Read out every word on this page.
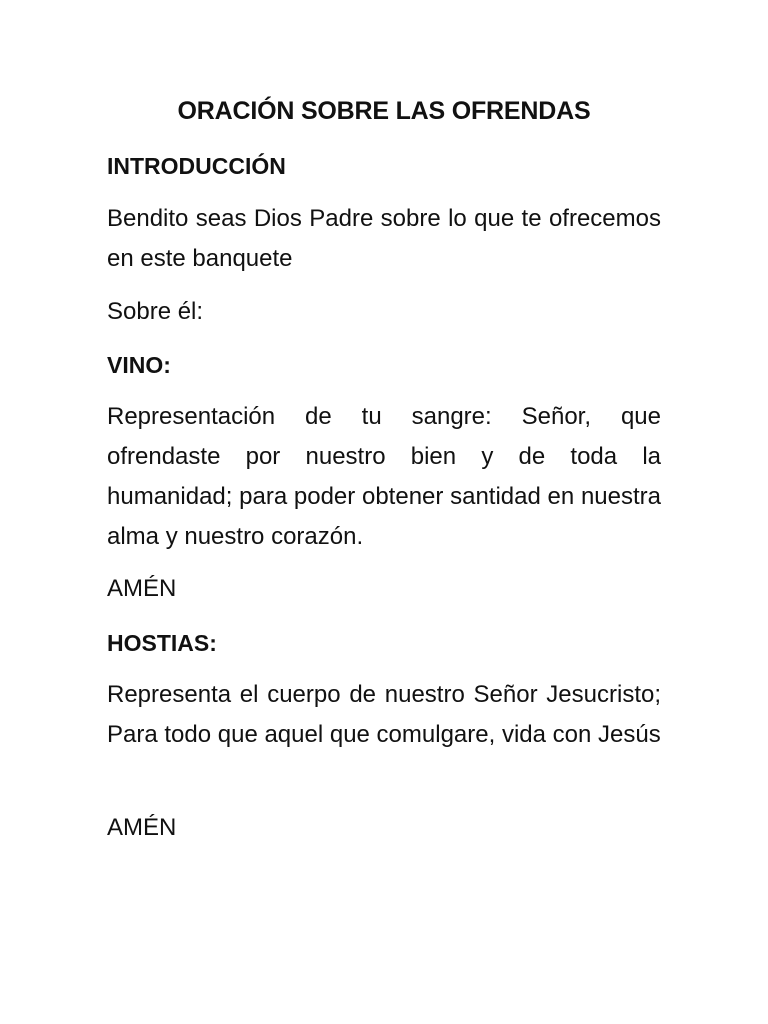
ORACIÓN SOBRE LAS OFRENDAS
INTRODUCCIÓN
Bendito seas Dios Padre sobre lo que te ofrecemos en este banquete
Sobre él:
VINO:
Representación de tu sangre: Señor, que ofrendaste por nuestro bien y de toda la humanidad; para poder obtener santidad en nuestra alma y nuestro corazón.
AMÉN
HOSTIAS:
Representa el cuerpo de nuestro Señor Jesucristo; Para todo que aquel que comulgare, vida con Jesús
AMÉN
